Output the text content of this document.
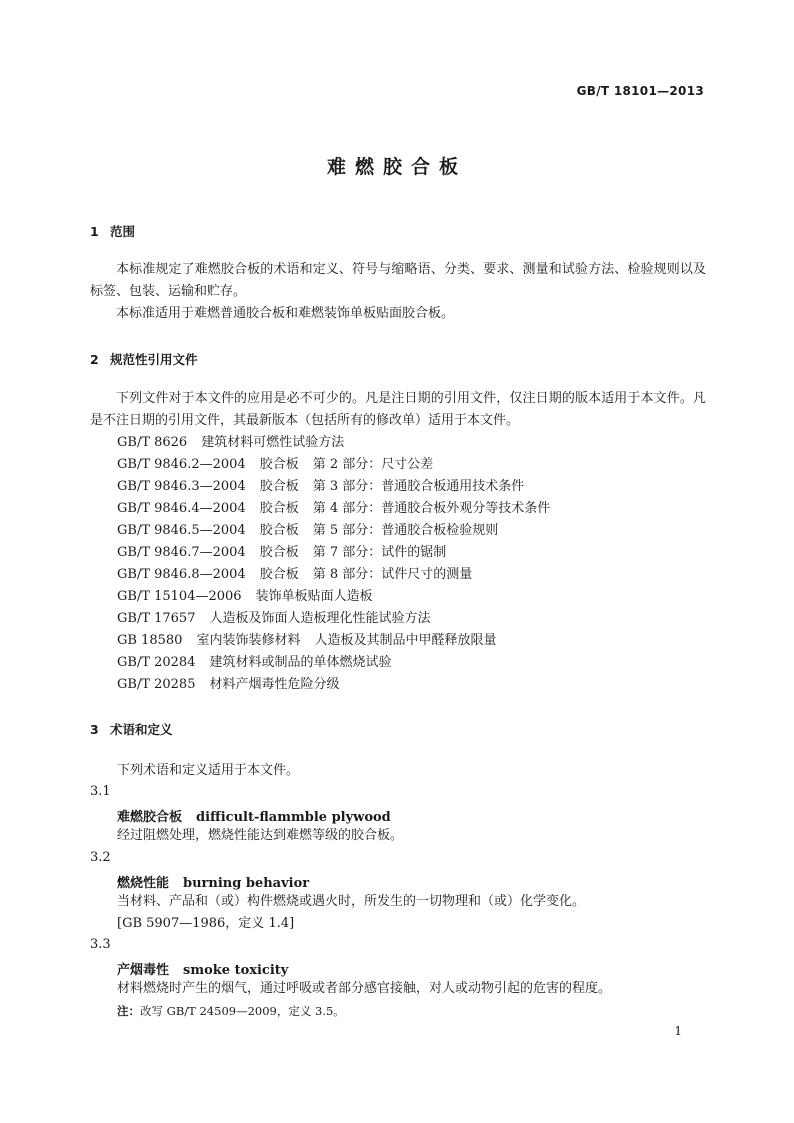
GB/T 18101—2013
难燃胶合板
1 范围
本标准规定了难燃胶合板的术语和定义、符号与缩略语、分类、要求、测量和试验方法、检验规则以及标签、包装、运输和贮存。
本标准适用于难燃普通胶合板和难燃装饰单板贴面胶合板。
2 规范性引用文件
下列文件对于本文件的应用是必不可少的。凡是注日期的引用文件，仅注日期的版本适用于本文件。凡是不注日期的引用文件，其最新版本（包括所有的修改单）适用于本文件。
GB/T 8626 建筑材料可燃性试验方法
GB/T 9846.2—2004 胶合板 第 2 部分：尺寸公差
GB/T 9846.3—2004 胶合板 第 3 部分：普通胶合板通用技术条件
GB/T 9846.4—2004 胶合板 第 4 部分：普通胶合板外观分等技术条件
GB/T 9846.5—2004 胶合板 第 5 部分：普通胶合板检验规则
GB/T 9846.7—2004 胶合板 第 7 部分：试件的锯制
GB/T 9846.8—2004 胶合板 第 8 部分：试件尺寸的测量
GB/T 15104—2006 装饰单板贴面人造板
GB/T 17657 人造板及饰面人造板理化性能试验方法
GB 18580 室内装饰装修材料 人造板及其制品中甲醛释放限量
GB/T 20284 建筑材料或制品的单体燃烧试验
GB/T 20285 材料产烟毒性危险分级
3 术语和定义
下列术语和定义适用于本文件。
3.1
难燃胶合板 difficult-flammble plywood
经过阻燃处理，燃烧性能达到难燃等级的胶合板。
3.2
燃烧性能 burning behavior
当材料、产品和（或）构件燃烧或遇火时，所发生的一切物理和（或）化学变化。
[GB 5907—1986，定义 1.4]
3.3
产烟毒性 smoke toxicity
材料燃烧时产生的烟气，通过呼吸或者部分感官接触，对人或动物引起的危害的程度。
注：改写 GB/T 24509—2009，定义 3.5。
1
